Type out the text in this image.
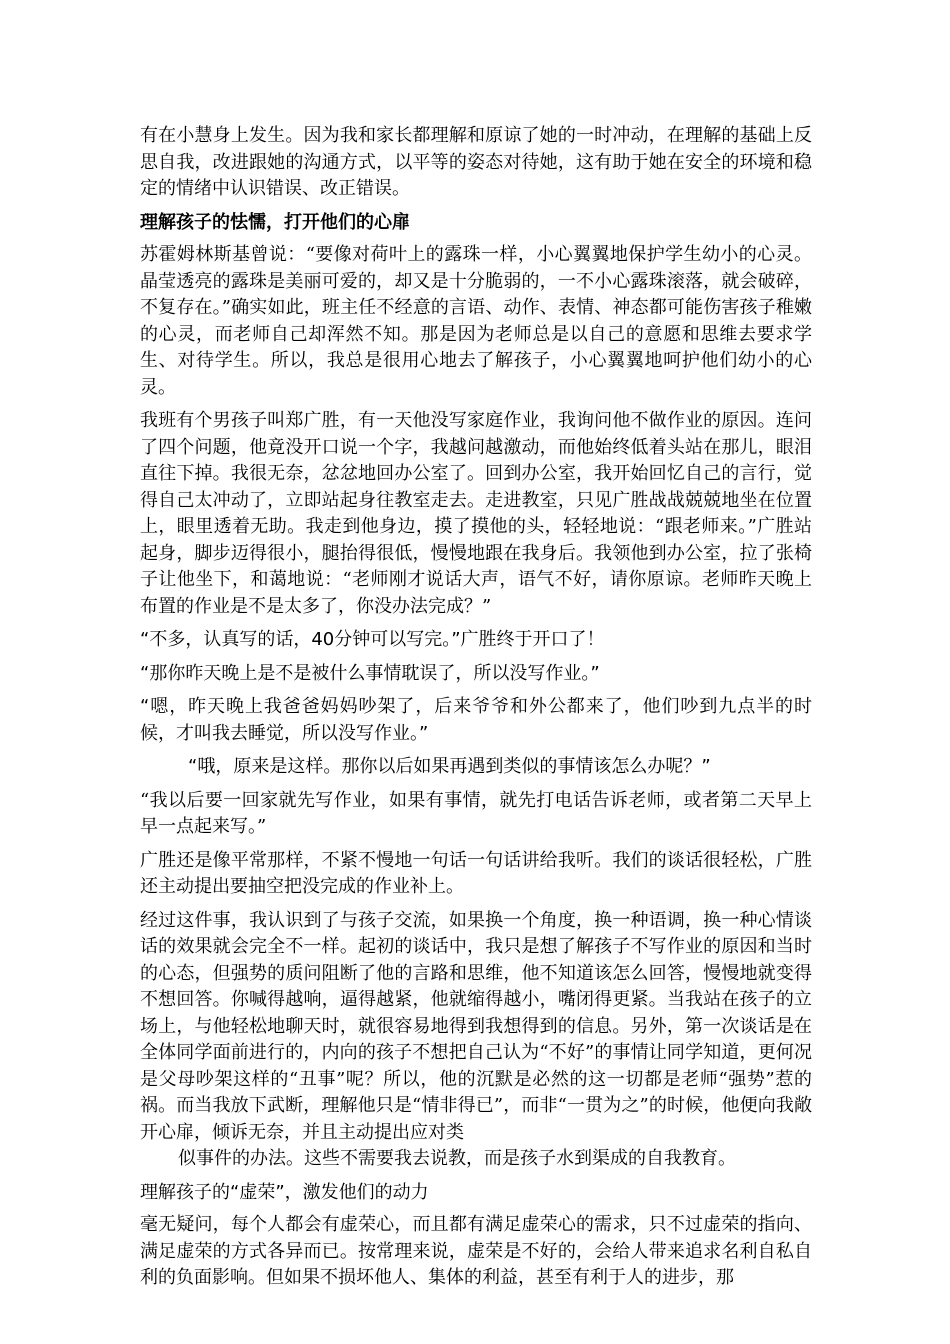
有在小慧身上发生。因为我和家长都理解和原谅了她的一时冲动，在理解的基础上反思自我，改进跟她的沟通方式，以平等的姿态对待她，这有助于她在安全的环境和稳定的情绪中认识错误、改正错误。

理解孩子的怯懦，打开他们的心扉

苏霍姆林斯基曾说：“要像对荷叶上的露珠一样，小心翼翼地保护学生幼小的心灵。晶莹透亮的露珠是美丽可爱的，却又是十分脆弱的，一不小心露珠滚落，就会破碎，不复存在。”确实如此，班主任不经意的言语、动作、表情、神态都可能伤害孩子稚嫩的心灵，而老师自己却浑然不知。那是因为老师总是以自己的意愿和思维去要求学生、对待学生。所以，我总是很用心地去了解孩子，小心翼翼地呵护他们幼小的心灵。

我班有个男孩子叫郑广胜，有一天他没写家庭作业，我询问他不做作业的原因。连问了四个问题，他竟没开口说一个字，我越问越激动，而他始终低着头站在那儿，眼泪直往下掉。我很无奈，忿忿地回办公室了。回到办公室，我开始回忆自己的言行，觉得自己太冲动了，立即站起身往教室走去。走进教室，只见广胜战战兢兢地坐在位置上，眼里透着无助。我走到他身边，摸了摸他的头，轻轻地说：“跟老师来。”广胜站起身，脚步迈得很小，腿抬得很低，慢慢地跟在我身后。我领他到办公室，拉了张椅子让他坐下，和蔼地说：“老师刚才说话大声，语气不好，请你原谅。老师昨天晚上布置的作业是不是太多了，你没办法完成？”

“不多，认真写的话，40分钟可以写完。”广胜终于开口了！

“那你昨天晚上是不是被什么事情耽误了，所以没写作业。”

“嗯，昨天晚上我爸爸妈妈吵架了，后来爷爷和外公都来了，他们吵到九点半的时候，才叫我去睡觉，所以没写作业。”

“哦，原来是这样。那你以后如果再遇到类似的事情该怎么办呢？”

“我以后要一回家就先写作业，如果有事情，就先打电话告诉老师，或者第二天早上早一点起来写。”

广胜还是像平常那样，不紧不慢地一句话一句话讲给我听。我们的谈话很轻松，广胜还主动提出要抽空把没完成的作业补上。

经过这件事，我认识到了与孩子交流，如果换一个角度，换一种语调，换一种心情谈话的效果就会完全不一样。起初的谈话中，我只是想了解孩子不写作业的原因和当时的心态，但强势的质问阻断了他的言路和思维，他不知道该怎么回答，慢慢地就变得不想回答。你喊得越响，逼得越紧，他就缩得越小，嘴闭得更紧。当我站在孩子的立场上，与他轻松地聊天时，就很容易地得到我想得到的信息。另外，第一次谈话是在全体同学面前进行的，内向的孩子不想把自己认为“不好”的事情让同学知道，更何况是父母吵架这样的“丑事”呢？所以，他的沉默是必然的这一切都是老师“强势”惹的祸。而当我放下武断，理解他只是“情非得已”，而非“一贯为之”的时候，他便向我敞开心扉，倾诉无奈，并且主动提出应对类

似事件的办法。这些不需要我去说教，而是孩子水到渠成的自我教育。

理解孩子的“虚荣”，激发他们的动力

毫无疑问，每个人都会有虚荣心，而且都有满足虚荣心的需求，只不过虚荣的指向、满足虚荣的方式各异而已。按常理来说，虚荣是不好的，会给人带来追求名利自私自利的负面影响。但如果不损坏他人、集体的利益，甚至有利于人的进步，那
